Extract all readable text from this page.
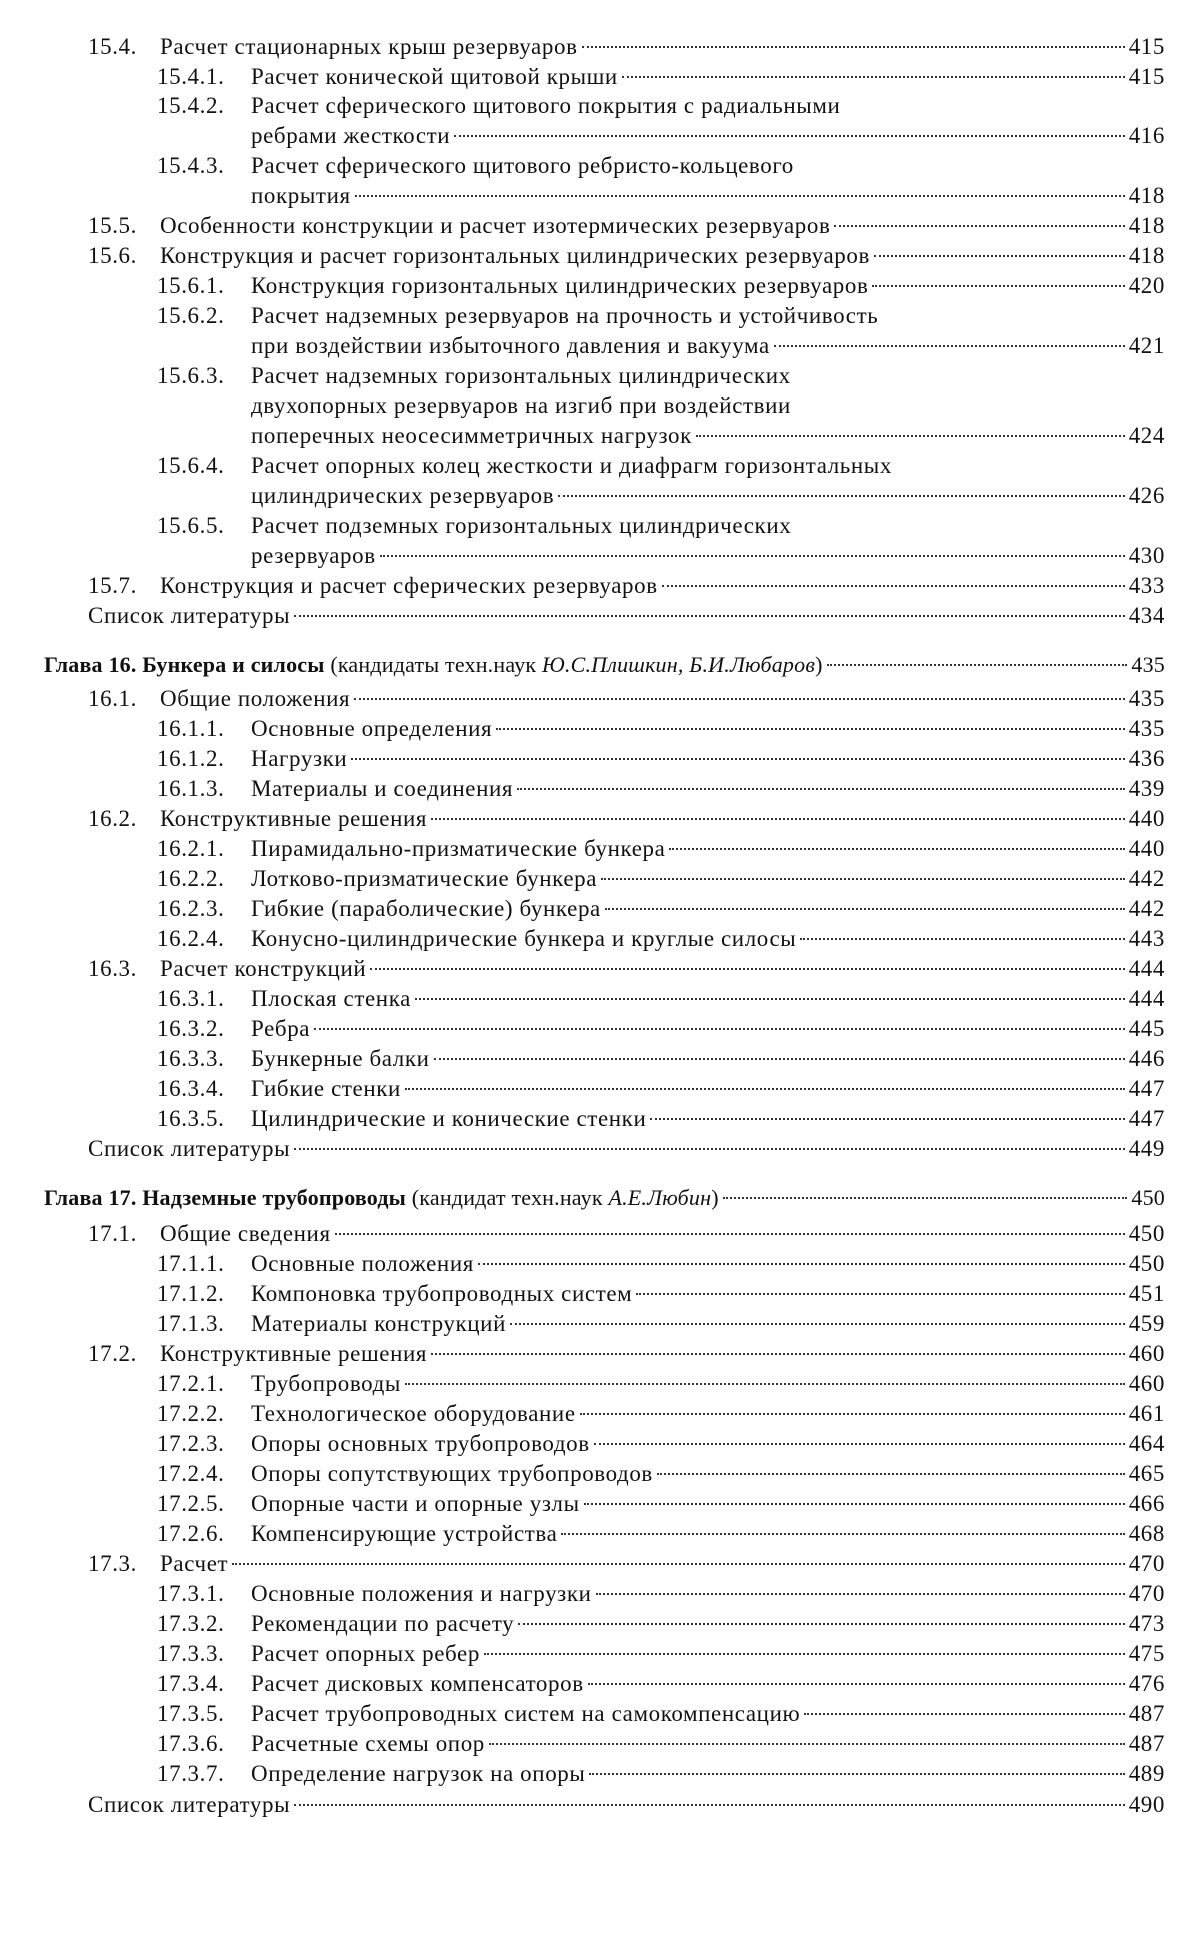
15.4.	Расчет стационарных крыш резервуаров	415
15.4.1.	Расчет конической щитовой крыши	415
15.4.2. Расчет сферического щитового покрытия с радиальными
ребрами жесткости	416
15.4.3. Расчет сферического щитового ребристо-кольцевого
покрытия	418
15.5.	Особенности конструкции и расчет изотермических резервуаров	418
15.6.	Конструкция и расчет горизонтальных цилиндрических резервуаров	418
15.6.1.	Конструкция горизонтальных цилиндрических резервуаров	420
15.6.2. Расчет надземных резервуаров на прочность и устойчивость
при воздействии избыточного давления и вакуума	421
15.6.3. Расчет надземных горизонтальных цилиндрических
двухопорных резервуаров на изгиб при воздействии
поперечных неосесимметричных нагрузок	424
15.6.4. Расчет опорных колец жесткости и диафрагм горизонтальных
цилиндрических резервуаров	426
15.6.5. Расчет подземных горизонтальных цилиндрических
резервуаров	430
15.7.	Конструкция и расчет сферических резервуаров	433
Список литературы	434
Глава 16. Бункера и силосы (кандидаты техн.наук Ю.С.Плишкин, Б.И.Любаров)	435
16.1.	Общие положения	435
16.1.1.	Основные определения	435
16.1.2.	Нагрузки	436
16.1.3.	Материалы и соединения	439
16.2.	Конструктивные решения	440
16.2.1.	Пирамидально-призматические бункера	440
16.2.2.	Лотково-призматические бункера	442
16.2.3.	Гибкие (параболические) бункера	442
16.2.4.	Конусно-цилиндрические бункера и круглые силосы	443
16.3.	Расчет конструкций	444
16.3.1.	Плоская стенка	444
16.3.2.	Ребра	445
16.3.3.	Бункерные балки	446
16.3.4.	Гибкие стенки	447
16.3.5.	Цилиндрические и конические стенки	447
Список литературы	449
Глава 17. Надземные трубопроводы (кандидат техн.наук А.Е.Любин)	450
17.1.	Общие сведения	450
17.1.1.	Основные положения	450
17.1.2.	Компоновка трубопроводных систем	451
17.1.3.	Материалы конструкций	459
17.2.	Конструктивные решения	460
17.2.1.	Трубопроводы	460
17.2.2.	Технологическое оборудование	461
17.2.3.	Опоры основных трубопроводов	464
17.2.4.	Опоры сопутствующих трубопроводов	465
17.2.5.	Опорные части и опорные узлы	466
17.2.6.	Компенсирующие устройства	468
17.3.	Расчет	470
17.3.1.	Основные положения и нагрузки	470
17.3.2.	Рекомендации по расчету	473
17.3.3.	Расчет опорных ребер	475
17.3.4.	Расчет дисковых компенсаторов	476
17.3.5.	Расчет трубопроводных систем на самокомпенсацию	487
17.3.6.	Расчетные схемы опор	487
17.3.7.	Определение нагрузок на опоры	489
Список литературы	490
